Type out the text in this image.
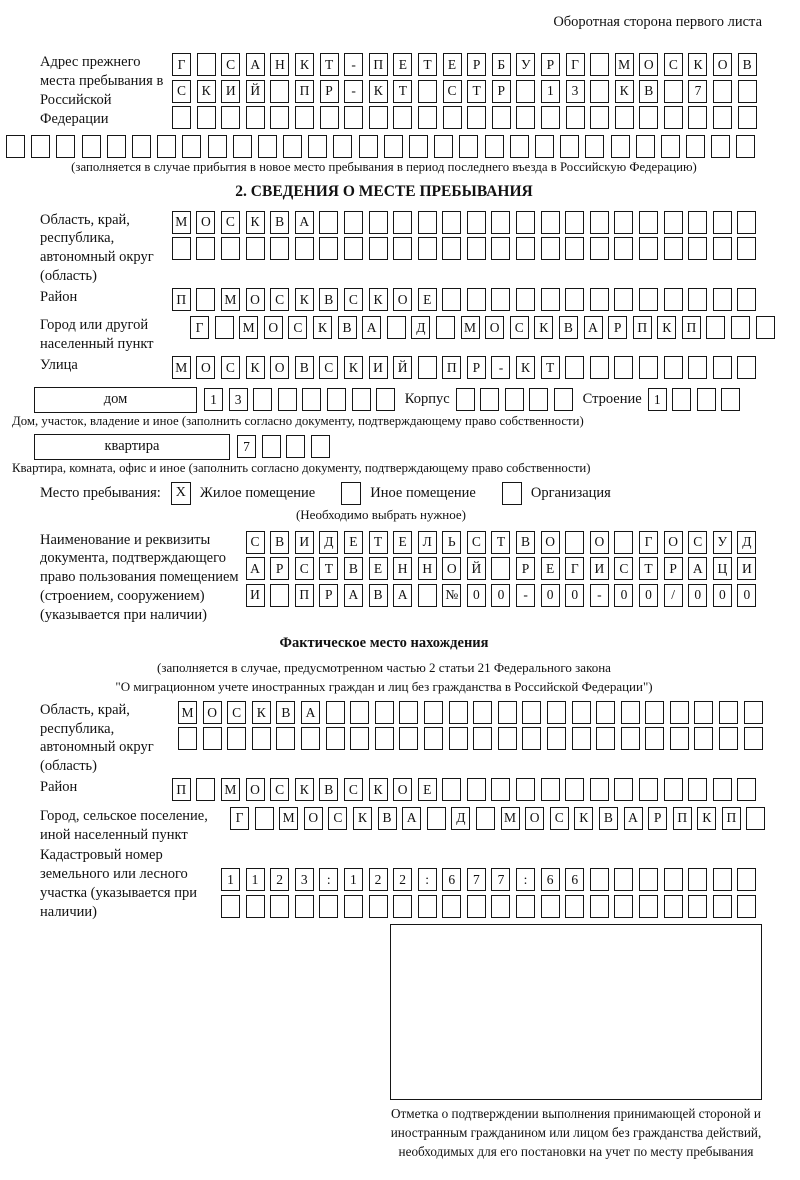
Оборотная сторона первого листа
Адрес прежнего места пребывания в Российской Федерации
Г	С	А	Н	К	Т	-	П	Е	Т	Е	Р	Б	У	Р	Г	М	О	С	К	О	В
С	К	И	Й	П	Р	-	К	Т	С	Т	Р	1	3	К	В	7
(заполняется в случае прибытия в новое место пребывания в период последнего въезда в Российскую Федерацию)
2. СВЕДЕНИЯ О МЕСТЕ ПРЕБЫВАНИЯ
Область, край, республика, автономный округ (область)
М	О	С	К	В	А
Район	П	М	О	С	К	В	С	К	О	Е
Город или другой населенный пункт
Г	М	О	С	К	В	А	Д	М	О	С	К	В	А	Р	П	К	П
Улица	М	О	С	К	О	В	С	К	И	Й	П	Р	-	К	Т
дом	1	3	Корпус	Строение 1
Дом, участок, владение и иное (заполнить согласно документу, подтверждающему право собственности)
квартира	7
Квартира, комната, офис и иное (заполнить согласно документу, подтверждающему право собственности)
Место пребывания:	X Жилое помещение	Иное помещение	Организация
(Необходимо выбрать нужное)
Наименование и реквизиты документа, подтверждающего право пользования помещением (строением, сооружением) (указывается при наличии)
С	В	И	Д	Е	Т	Е	Л	Ь	С	Т	В	О	О	Г	О	С	У	Д
А	Р	С	Т	В	Е	Н	Н	О	Й	Р	Е	Г	И	С	Т	Р	А	Ц	И
И	П	Р	А	В	А	№	0	0	-	0	0	-	0	0	/	0	0	0
Фактическое место нахождения
(заполняется в случае, предусмотренном частью 2 статьи 21 Федерального закона
"О миграционном учете иностранных граждан и лиц без гражданства в Российской Федерации")
Область, край, республика, автономный округ (область)
М	О	С	К	В	А
Район	П	М	О	С	К	В	С	К	О	Е
Город, сельское поселение, иной населенный пункт
Г	М	О	С	К	В	А	Д	М	О	С	К	В	А	Р	П	К	П
Кадастровый номер земельного или лесного участка (указывается при наличии)
1	1	2	3	:	1	2	2	:	6	7	7	:	6	6
Отметка о подтверждении выполнения принимающей стороной и иностранным гражданином или лицом без гражданства действий, необходимых для его постановки на учет по месту пребывания
